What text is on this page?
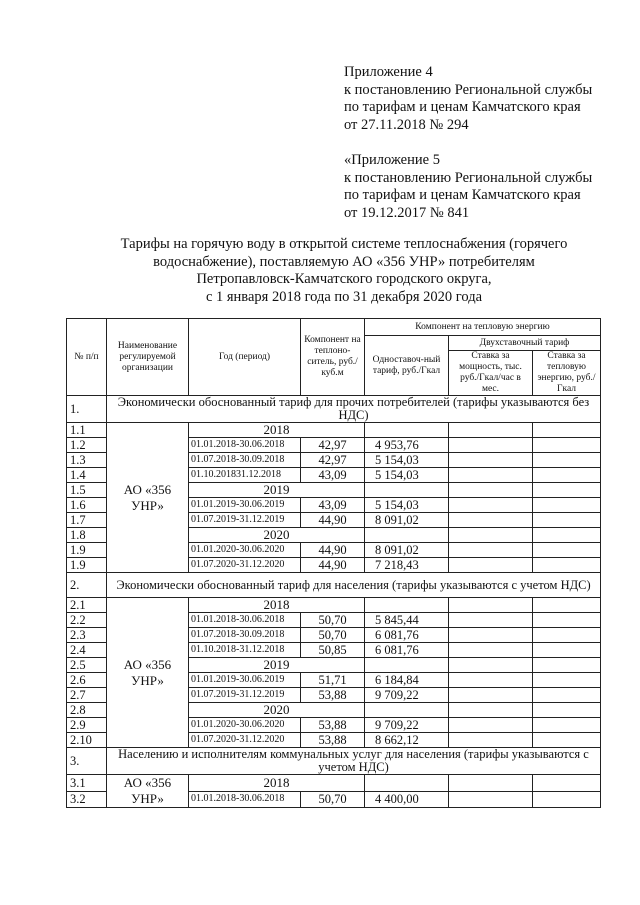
Приложение 4
к постановлению Региональной службы
по тарифам и ценам Камчатского края
от 27.11.2018 № 294
«Приложение 5
к постановлению Региональной службы
по тарифам и ценам Камчатского края
от 19.12.2017 № 841
Тарифы на горячую воду в открытой системе теплоснабжения (горячего
водоснабжение), поставляемую АО «356 УНР» потребителям
Петропавловск-Камчатского городского округа,
с 1 января 2018 года по 31 декабря 2020 года
№ п/п	Наименование регулируемой организации	Год (период)	Компонент на теплоно-ситель, руб./куб.м	Компонент на тепловую энергию		
				Одноставоч-ный тариф, руб./Гкал	Двухставочный тариф	
					Ставка за мощность, тыс. руб./Гкал/час в мес.	Ставка за тепловую энергию, руб./Гкал
1.	Экономически обоснованный тариф для прочих потребителей (тарифы указываются без НДС)					
1.1	АО «356 УНР»	2018				
1.2		01.01.2018-30.06.2018	42,97	4 953,76		
1.3		01.07.2018-30.09.2018	42,97	5 154,03		
1.4		01.10.201831.12.2018	43,09	5 154,03		
1.5		2019				
1.6		01.01.2019-30.06.2019	43,09	5 154,03		
1.7		01.07.2019-31.12.2019	44,90	8 091,02		
1.8		2020				
1.9		01.01.2020-30.06.2020	44,90	8 091,02		
1.9		01.07.2020-31.12.2020	44,90	7 218,43		
2.	Экономически обоснованный тариф для населения (тарифы указываются с учетом НДС)					
2.1	АО «356 УНР»	2018				
2.2		01.01.2018-30.06.2018	50,70	5 845,44		
2.3		01.07.2018-30.09.2018	50,70	6 081,76		
2.4		01.10.2018-31.12.2018	50,85	6 081,76		
2.5		2019				
2.6		01.01.2019-30.06.2019	51,71	6 184,84		
2.7		01.07.2019-31.12.2019	53,88	9 709,22		
2.8		2020				
2.9		01.01.2020-30.06.2020	53,88	9 709,22		
2.10		01.07.2020-31.12.2020	53,88	8 662,12		
3.	Населению и исполнителям коммунальных услуг для населения (тарифы указываются с учетом НДС)					
3.1	АО «356 УНР»	2018				
3.2		01.01.2018-30.06.2018	50,70	4 400,00		
